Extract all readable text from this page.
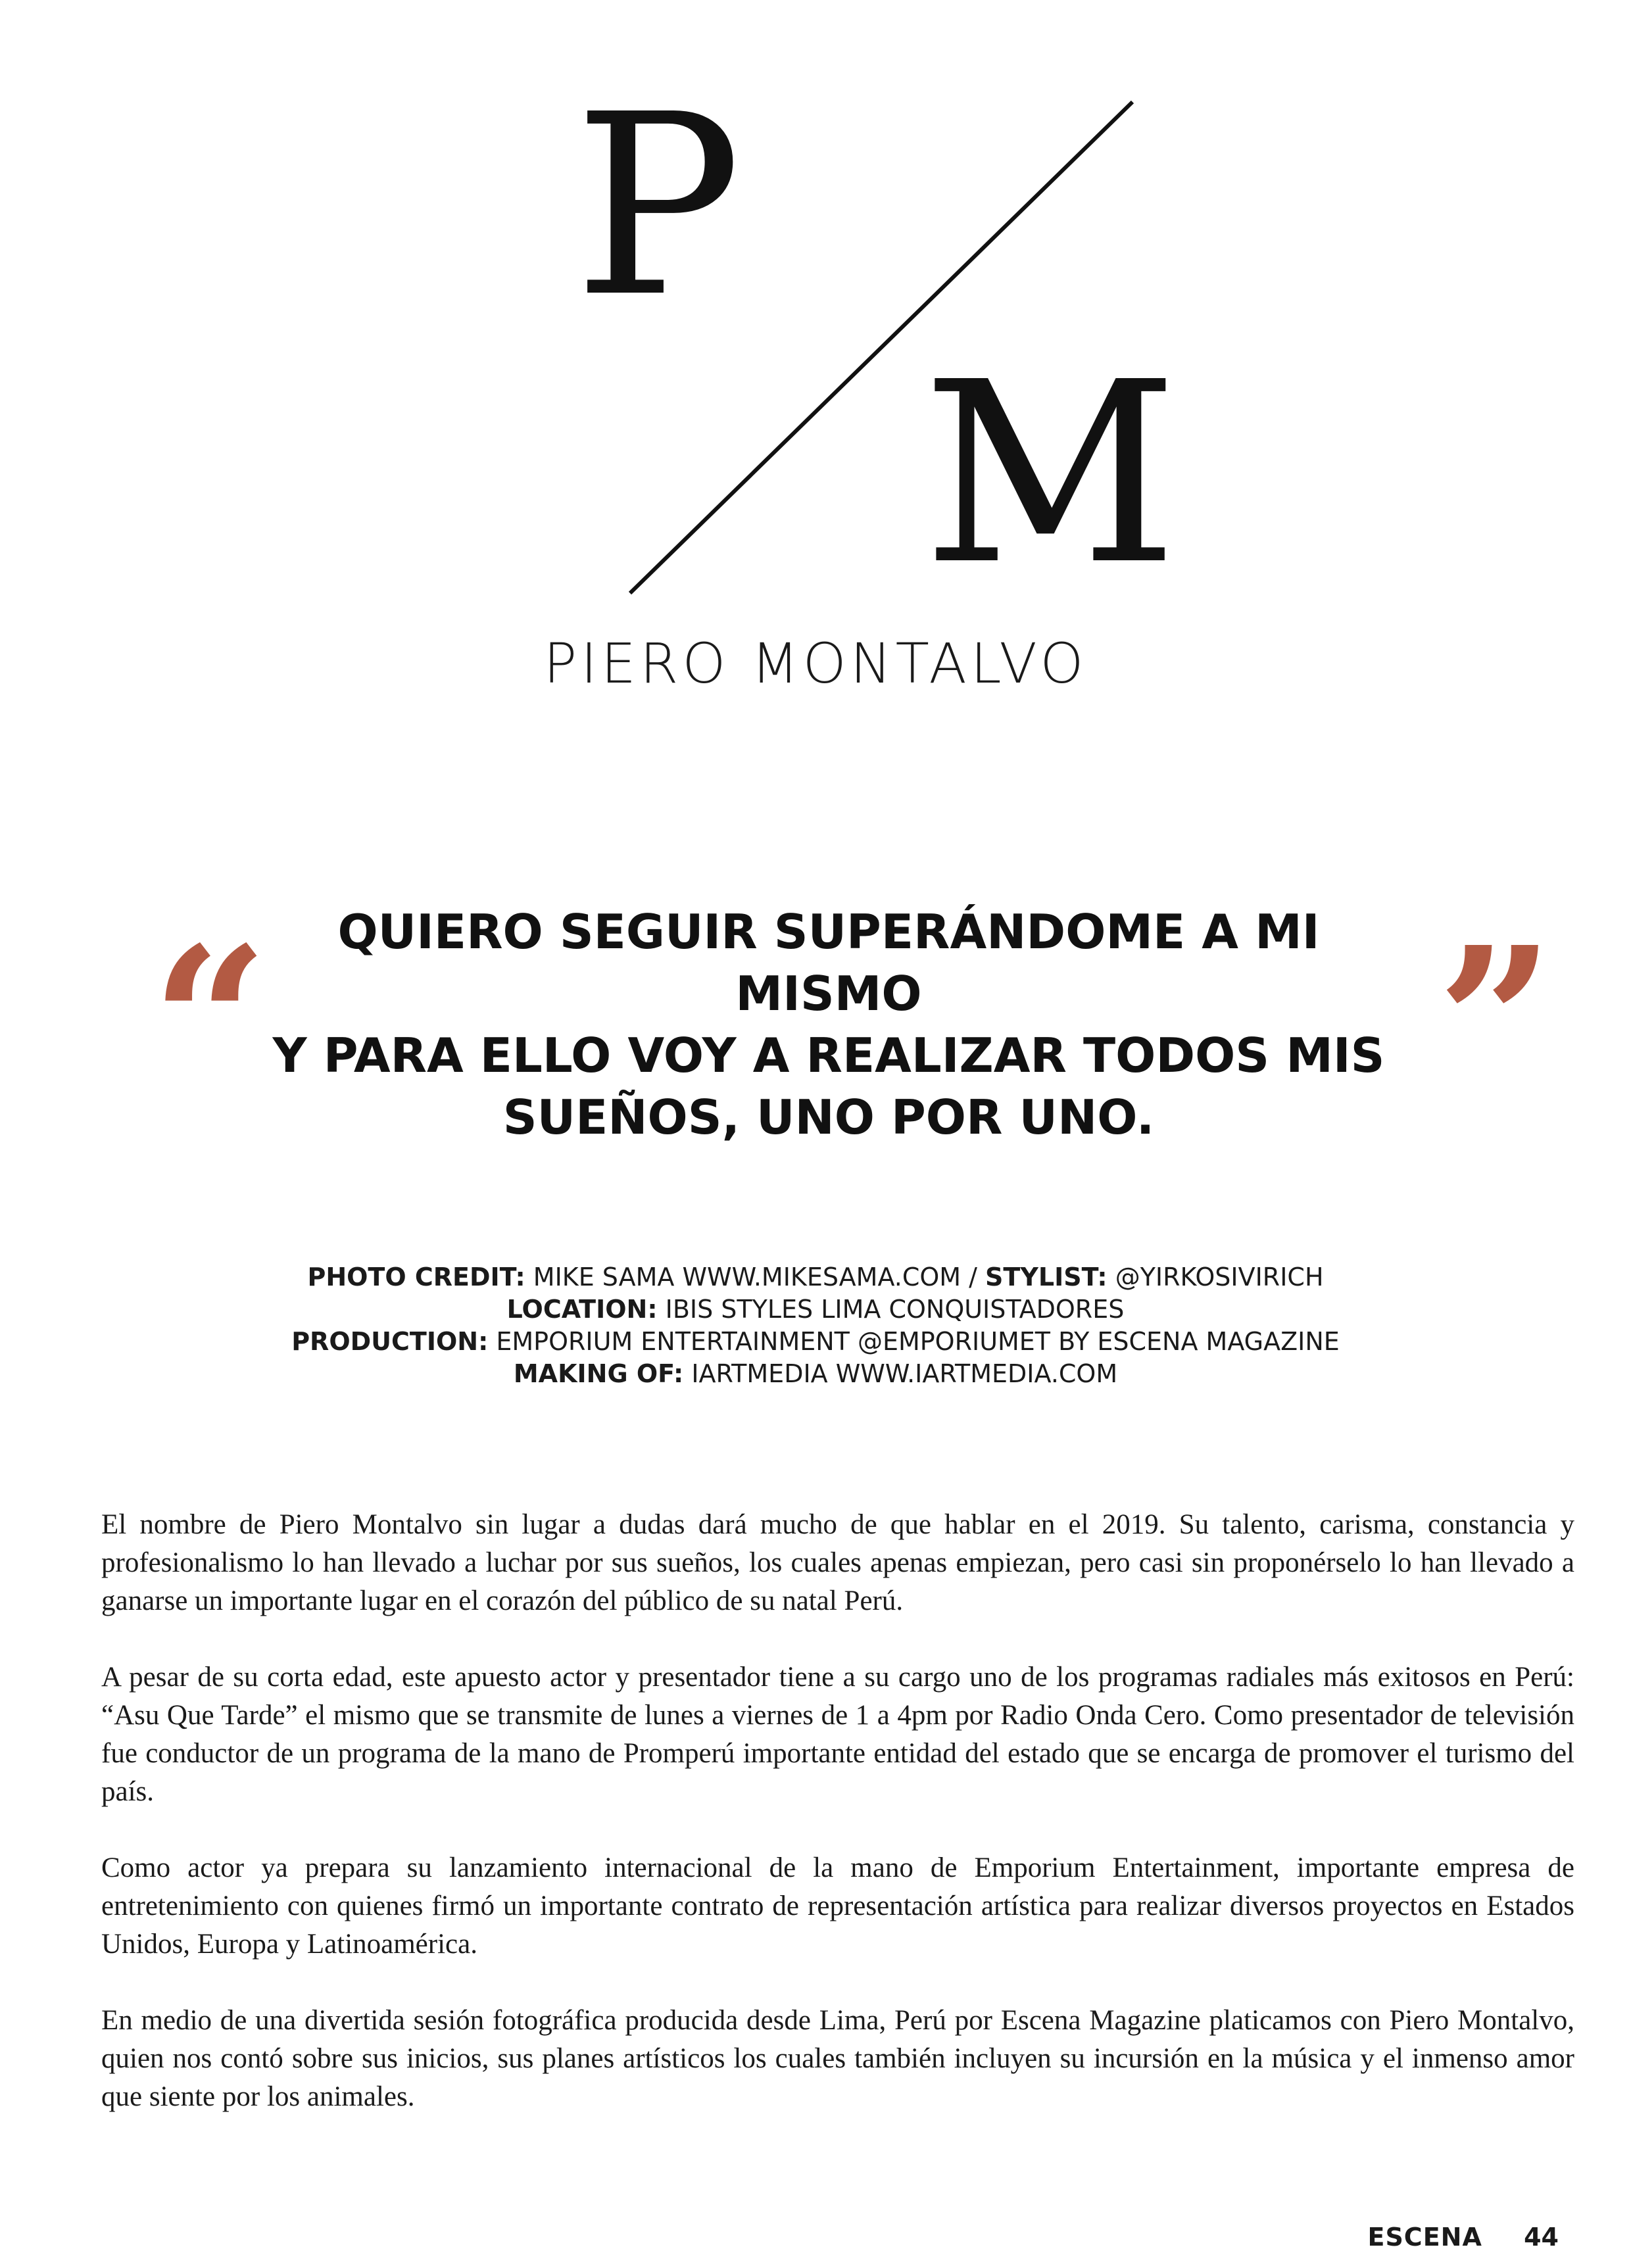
P
M
PIERO MONTALVO
“	QUIERO SEGUIR SUPERÁNDOME A MI MISMO
Y PARA ELLO VOY A REALIZAR TODOS MIS
SUEÑOS, UNO POR UNO.	”
PHOTO CREDIT: MIKE SAMA WWW.MIKESAMA.COM / STYLIST: @YIRKOSIVIRICH
LOCATION: IBIS STYLES LIMA CONQUISTADORES
PRODUCTION: EMPORIUM ENTERTAINMENT @EMPORIUMET BY ESCENA MAGAZINE
MAKING OF: IARTMEDIA WWW.IARTMEDIA.COM

El nombre de Piero Montalvo sin lugar a dudas dará mucho de que hablar en el 2019. Su talento, carisma, constancia y profesionalismo lo han llevado a luchar por sus sueños, los cuales apenas empiezan, pero casi sin proponérselo lo han llevado a ganarse un importante lugar en el corazón del público de su natal Perú.

A pesar de su corta edad, este apuesto actor y presentador tiene a su cargo uno de los programas radiales más exitosos en Perú: “Asu Que Tarde” el mismo que se transmite de lunes a viernes de 1 a 4pm por Radio Onda Cero. Como presentador de televisión fue conductor de un programa de la mano de Promperú importante entidad del estado que se encarga de promover el turismo del país.

Como actor ya prepara su lanzamiento internacional de la mano de Emporium Entertainment, importante empresa de entretenimiento con quienes firmó un importante contrato de representación artística para realizar diversos proyectos en Estados Unidos, Europa y Latinoamérica.

En medio de una divertida sesión fotográfica producida desde Lima, Perú por Escena Magazine platicamos con Piero Montalvo, quien nos contó sobre sus inicios, sus planes artísticos los cuales también incluyen su incursión en la música y el inmenso amor que siente por los animales.

ESCENA 44
